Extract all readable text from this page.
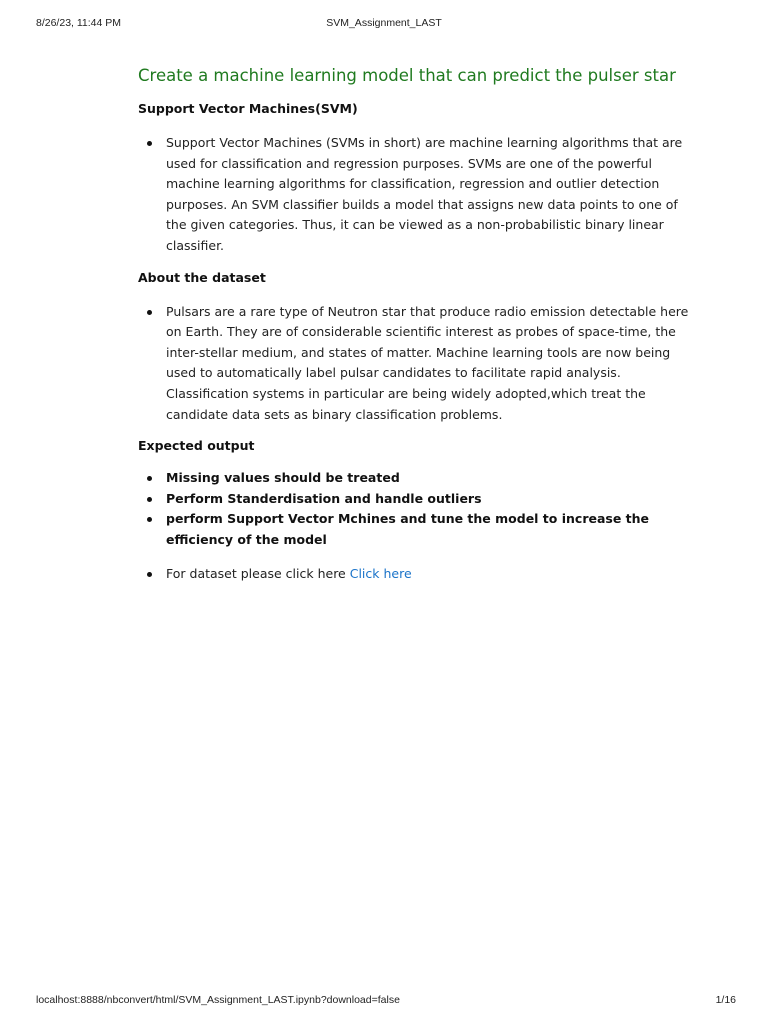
8/26/23, 11:44 PM	SVM_Assignment_LAST
Create a machine learning model that can predict the pulser star
Support Vector Machines(SVM)
Support Vector Machines (SVMs in short) are machine learning algorithms that are used for classification and regression purposes. SVMs are one of the powerful machine learning algorithms for classification, regression and outlier detection purposes. An SVM classifier builds a model that assigns new data points to one of the given categories. Thus, it can be viewed as a non-probabilistic binary linear classifier.
About the dataset
Pulsars are a rare type of Neutron star that produce radio emission detectable here on Earth. They are of considerable scientific interest as probes of space-time, the inter-stellar medium, and states of matter. Machine learning tools are now being used to automatically label pulsar candidates to facilitate rapid analysis. Classification systems in particular are being widely adopted,which treat the candidate data sets as binary classification problems.
Expected output
Missing values should be treated
Perform Standerdisation and handle outliers
perform Support Vector Mchines and tune the model to increase the efficiency of the model
For dataset please click here Click here
localhost:8888/nbconvert/html/SVM_Assignment_LAST.ipynb?download=false	1/16
